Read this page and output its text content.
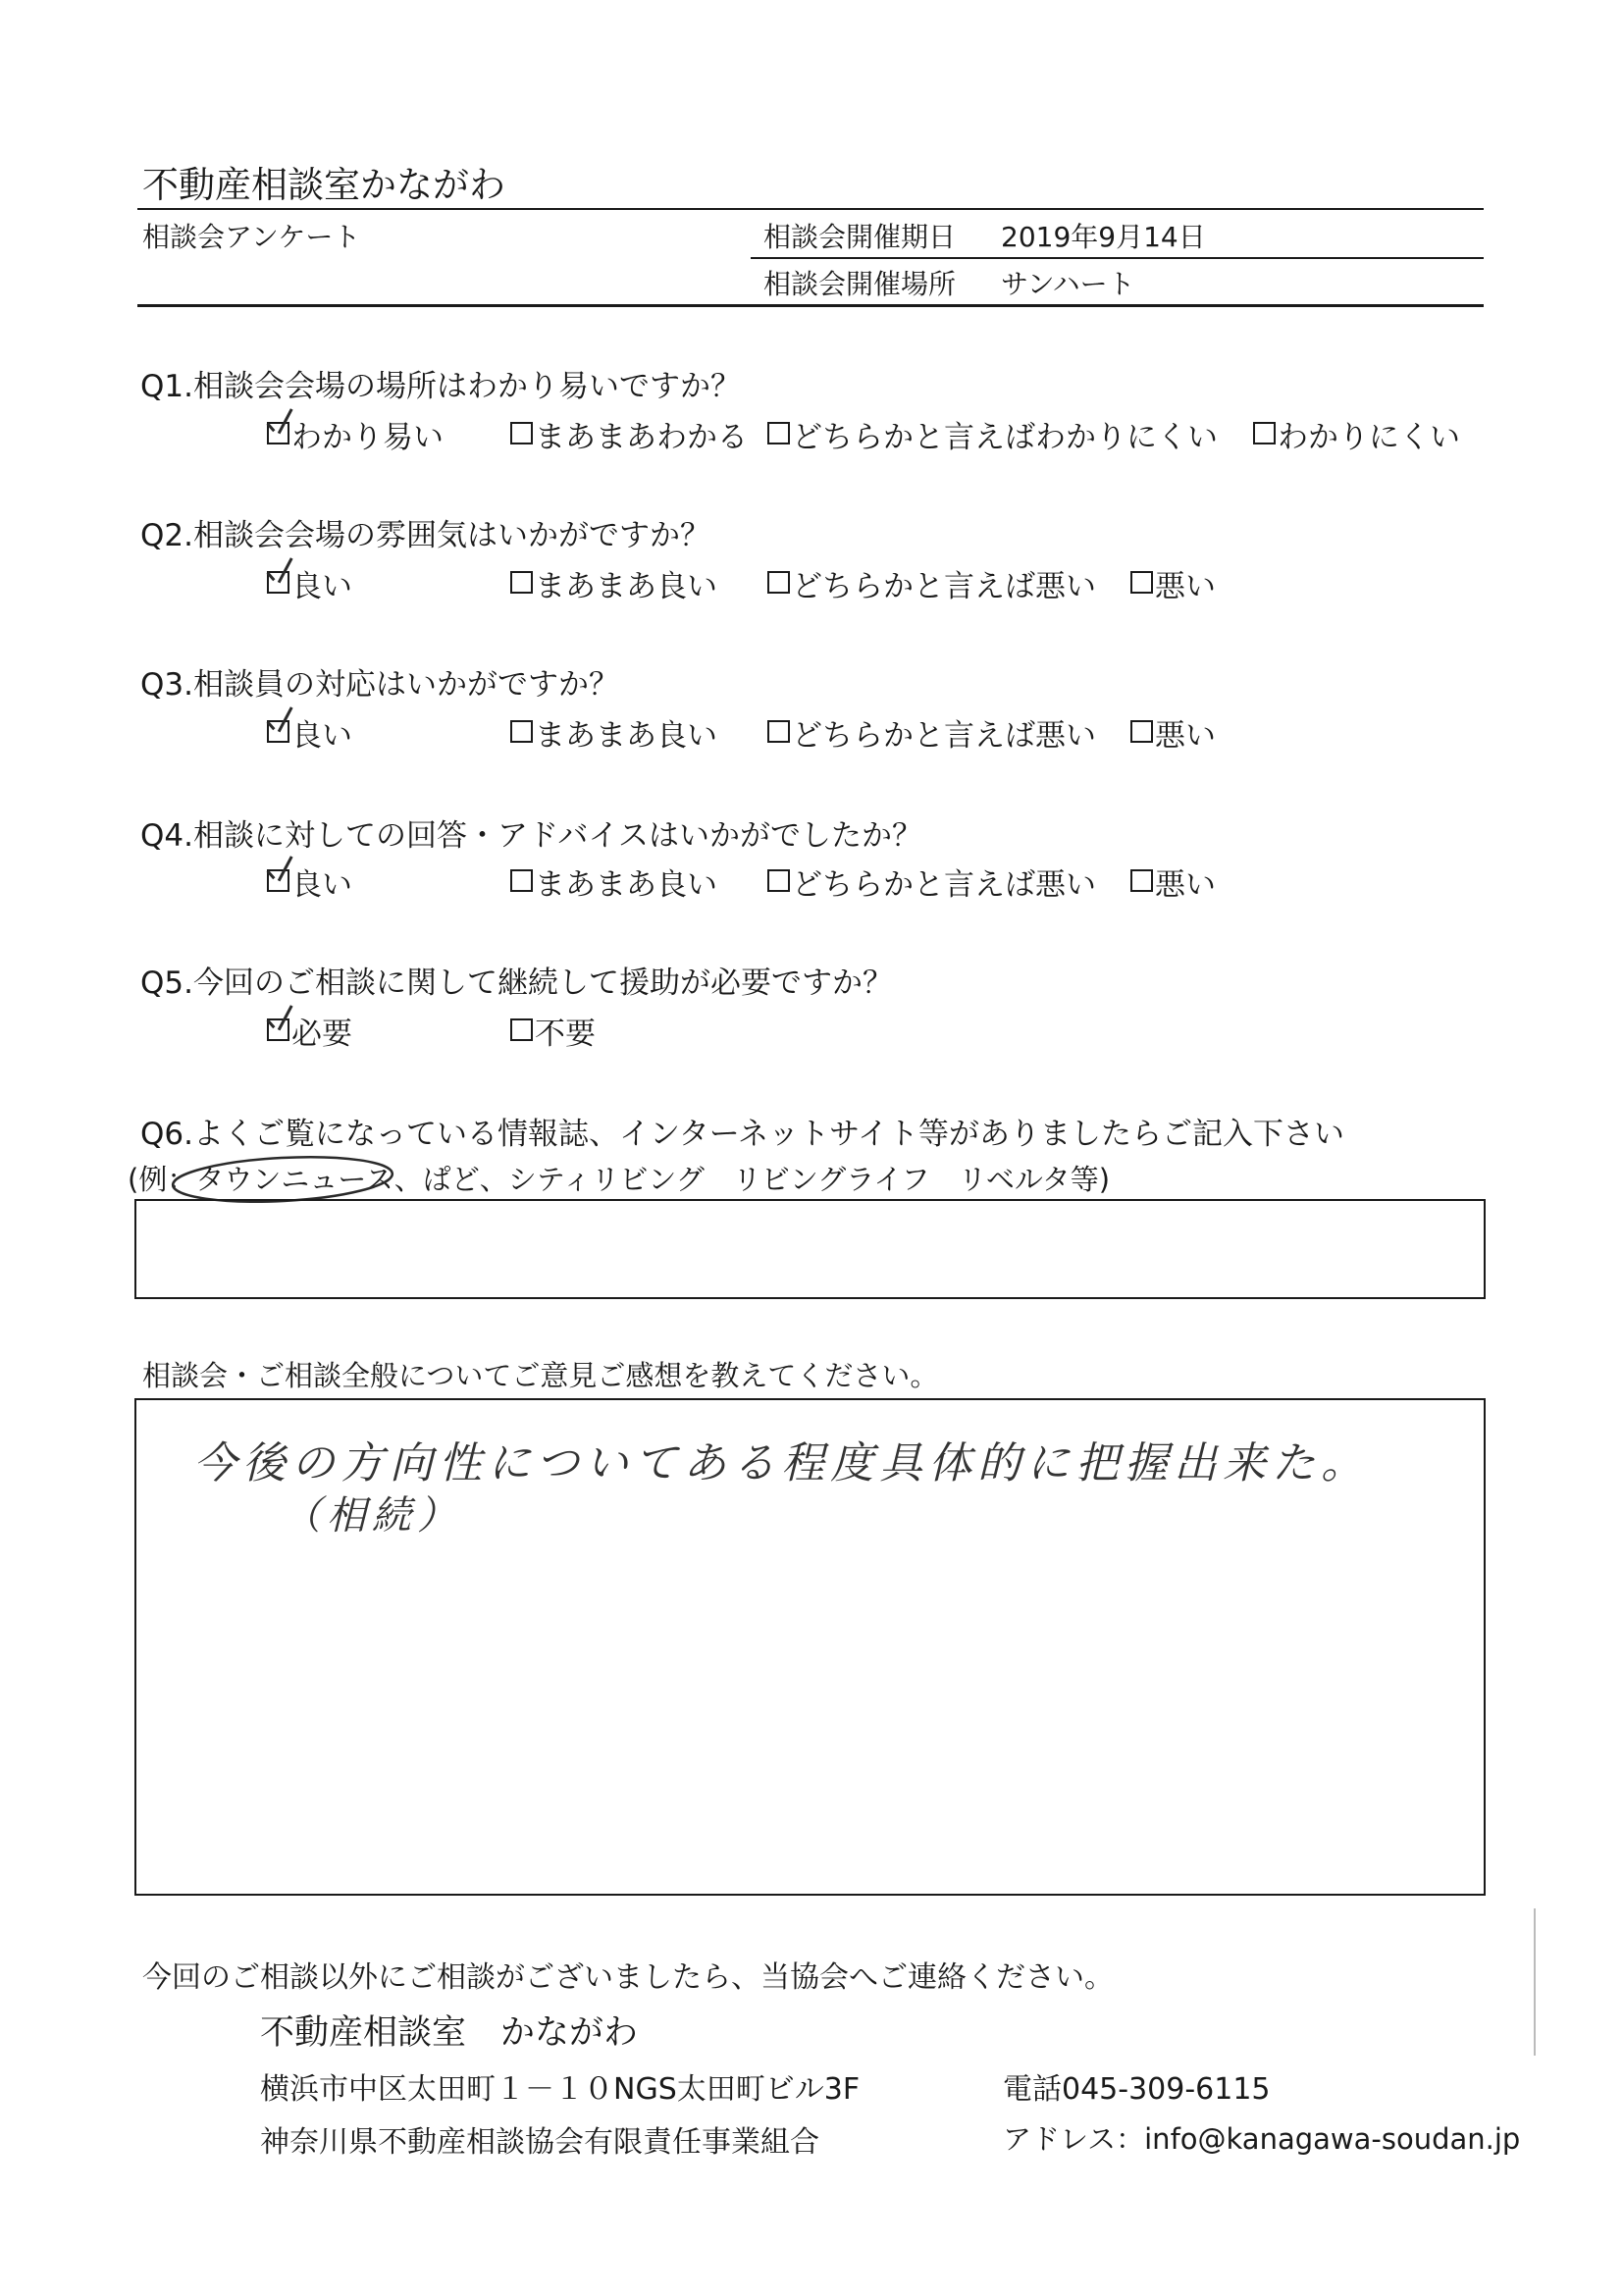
不動産相談室かながわ
相談会アンケート	相談会開催期日 2019年9月14日
相談会開催場所 サンハート
Q1.相談会会場の場所はわかり易いですか？
わかり易い	まあまあわかる	どちらかと言えばわかりにくい	わかりにくい
Q2.相談会会場の雰囲気はいかがですか？
良い	まあまあ良い	どちらかと言えば悪い	悪い
Q3.相談員の対応はいかがですか？
良い	まあまあ良い	どちらかと言えば悪い	悪い
Q4.相談に対しての回答・アドバイスはいかがでしたか？
良い	まあまあ良い	どちらかと言えば悪い	悪い
Q5.今回のご相談に関して継続して援助が必要ですか？
必要	不要
Q6.よくご覧になっている情報誌、インターネットサイト等がありましたらご記入下さい
(例：タウンニュース、ぱど、シティリビング　リビングライフ　リベルタ等)
相談会・ご相談全般についてご意見ご感想を教えてください。
今後の方向性についてある程度具体的に把握出来た。
（相続）
今回のご相談以外にご相談がございましたら、当協会へご連絡ください。
不動産相談室　かながわ
横浜市中区太田町１－１０NGS太田町ビル3F	電話045-309-6115
神奈川県不動産相談協会有限責任事業組合	アドレス：info@kanagawa-soudan.jp
